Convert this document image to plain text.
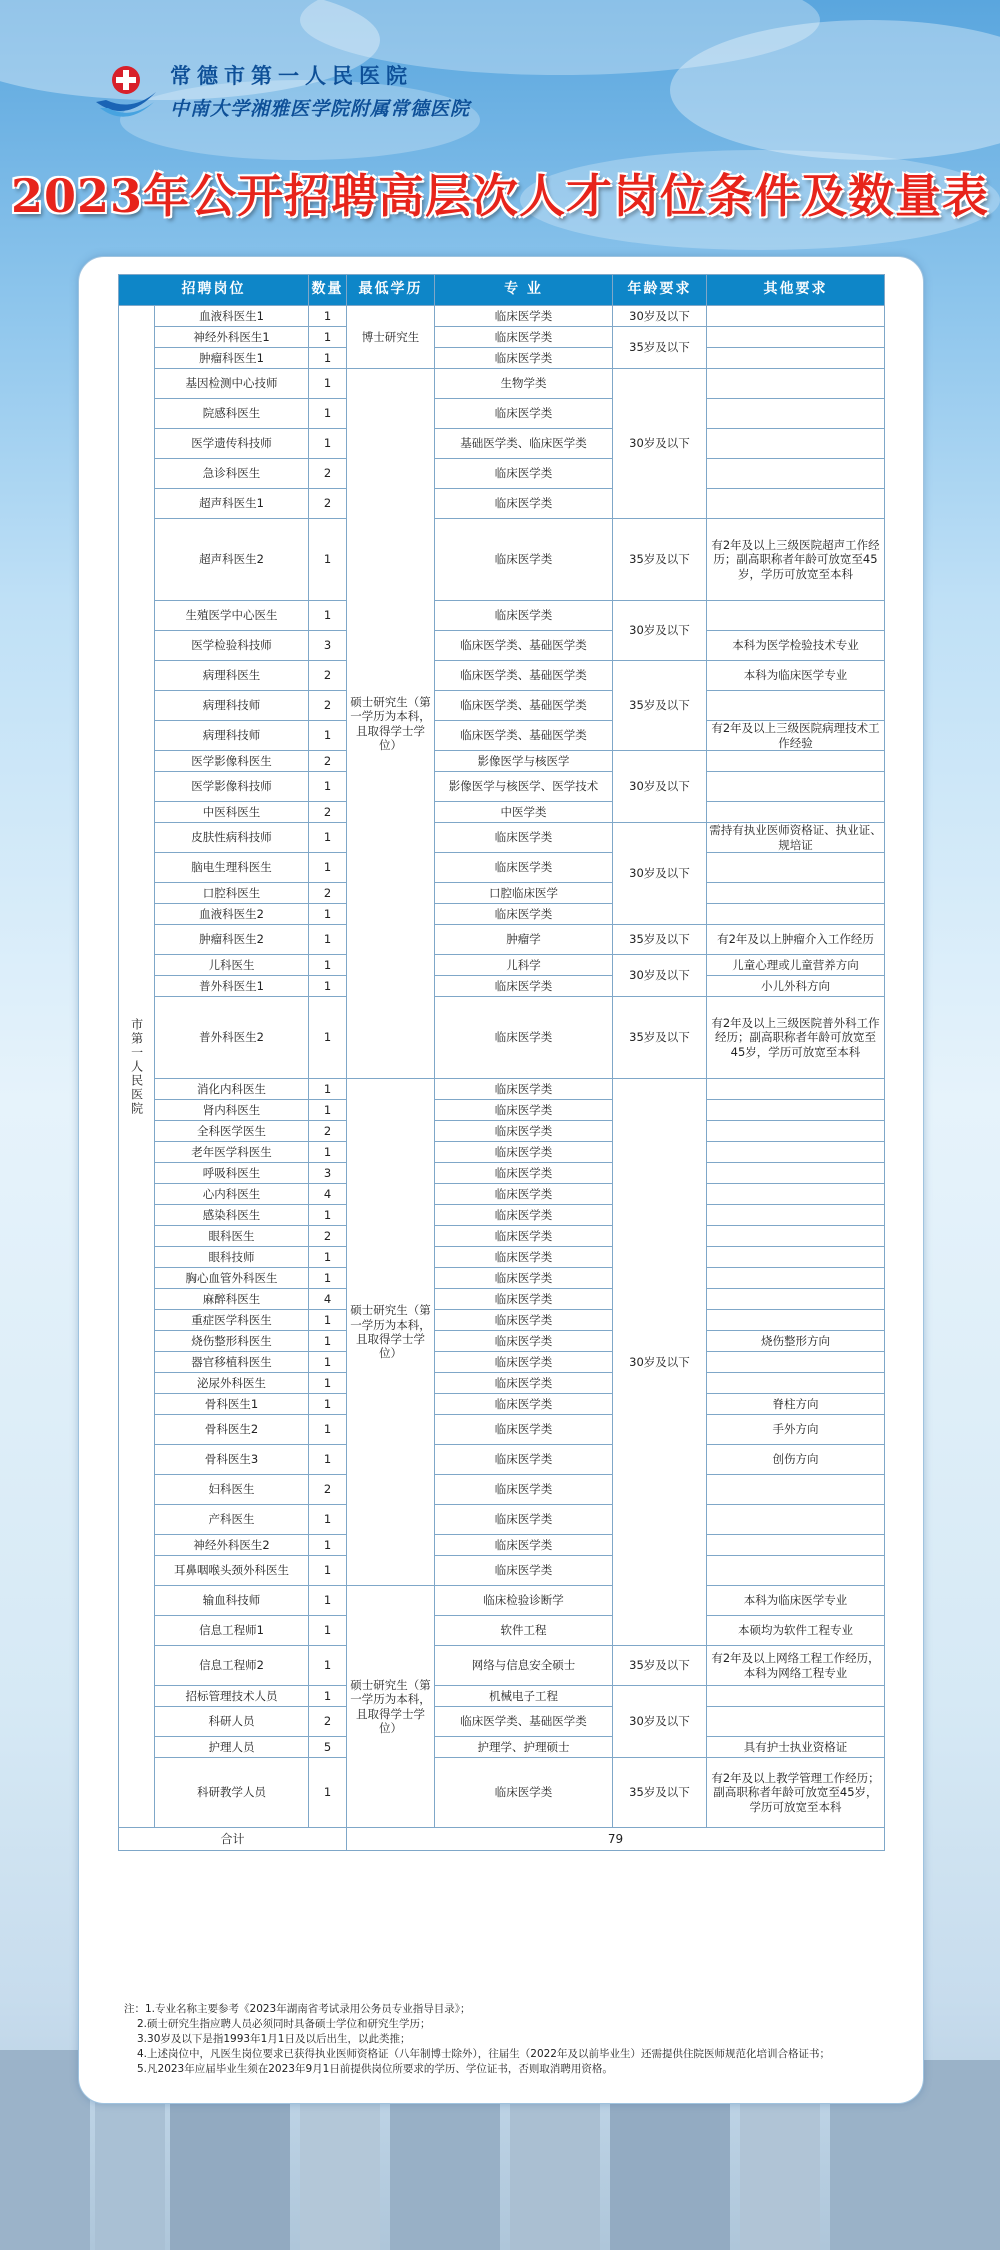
常德市第一人民医院
中南大学湘雅医学院附属常德医院
2023年公开招聘高层次人才岗位条件及数量表
招聘岗位		数量	最低学历	专 业	年龄要求	其他要求
市第一人民医院	血液科医生1	1	博士研究生	临床医学类	30岁及以下	
	神经外科医生1	1		临床医学类	35岁及以下	
	肿瘤科医生1	1		临床医学类		
	基因检测中心技师	1	硕士研究生（第一学历为本科，且取得学士学位）	生物学类	30岁及以下	
	院感科医生	1		临床医学类		
	医学遗传科技师	1		基础医学类、临床医学类		
	急诊科医生	2		临床医学类		
	超声科医生1	2		临床医学类		
	超声科医生2	1		临床医学类	35岁及以下	有2年及以上三级医院超声工作经历；副高职称者年龄可放宽至45岁，学历可放宽至本科
	生殖医学中心医生	1		临床医学类	30岁及以下	
	医学检验科技师	3		临床医学类、基础医学类		本科为医学检验技术专业
	病理科医生	2		临床医学类、基础医学类	35岁及以下	本科为临床医学专业
	病理科技师	2		临床医学类、基础医学类		
	病理科技师	1		临床医学类、基础医学类		有2年及以上三级医院病理技术工作经验
	医学影像科医生	2		影像医学与核医学	30岁及以下	
	医学影像科技师	1		影像医学与核医学、医学技术		
	中医科医生	2		中医学类		
	皮肤性病科技师	1		临床医学类	30岁及以下	需持有执业医师资格证、执业证、规培证
	脑电生理科医生	1		临床医学类		
	口腔科医生	2		口腔临床医学		
	血液科医生2	1		临床医学类		
	肿瘤科医生2	1		肿瘤学	35岁及以下	有2年及以上肿瘤介入工作经历
	儿科医生	1		儿科学	30岁及以下	儿童心理或儿童营养方向
	普外科医生1	1		临床医学类		小儿外科方向
	普外科医生2	1		临床医学类	35岁及以下	有2年及以上三级医院普外科工作经历；副高职称者年龄可放宽至45岁，学历可放宽至本科
	消化内科医生	1	硕士研究生（第一学历为本科，且取得学士学位）	临床医学类	30岁及以下	
	肾内科医生	1		临床医学类		
	全科医学医生	2		临床医学类		
	老年医学科医生	1		临床医学类		
	呼吸科医生	3		临床医学类		
	心内科医生	4		临床医学类		
	感染科医生	1		临床医学类		
	眼科医生	2		临床医学类		
	眼科技师	1		临床医学类		
	胸心血管外科医生	1		临床医学类		
	麻醉科医生	4		临床医学类		
	重症医学科医生	1		临床医学类		
	烧伤整形科医生	1		临床医学类		烧伤整形方向
	器官移植科医生	1		临床医学类		
	泌尿外科医生	1		临床医学类		
	骨科医生1	1		临床医学类		脊柱方向
	骨科医生2	1		临床医学类		手外方向
	骨科医生3	1		临床医学类		创伤方向
	妇科医生	2		临床医学类		
	产科医生	1		临床医学类		
	神经外科医生2	1		临床医学类		
	耳鼻咽喉头颈外科医生	1		临床医学类		
	输血科技师	1	硕士研究生（第一学历为本科，且取得学士学位）	临床检验诊断学		本科为临床医学专业
	信息工程师1	1		软件工程		本硕均为软件工程专业
	信息工程师2	1		网络与信息安全硕士	35岁及以下	有2年及以上网络工程工作经历，本科为网络工程专业
	招标管理技术人员	1		机械电子工程	30岁及以下	
	科研人员	2		临床医学类、基础医学类		
	护理人员	5		护理学、护理硕士		具有护士执业资格证
	科研教学人员	1		临床医学类	35岁及以下	有2年及以上教学管理工作经历；副高职称者年龄可放宽至45岁，学历可放宽至本科
合计			79			
注：1.专业名称主要参考《2023年湖南省考试录用公务员专业指导目录》；
2.硕士研究生指应聘人员必须同时具备硕士学位和研究生学历；
3.30岁及以下是指1993年1月1日及以后出生，以此类推；
4.上述岗位中，凡医生岗位要求已获得执业医师资格证（八年制博士除外），往届生（2022年及以前毕业生）还需提供住院医师规范化培训合格证书；
5.凡2023年应届毕业生须在2023年9月1日前提供岗位所要求的学历、学位证书，否则取消聘用资格。
